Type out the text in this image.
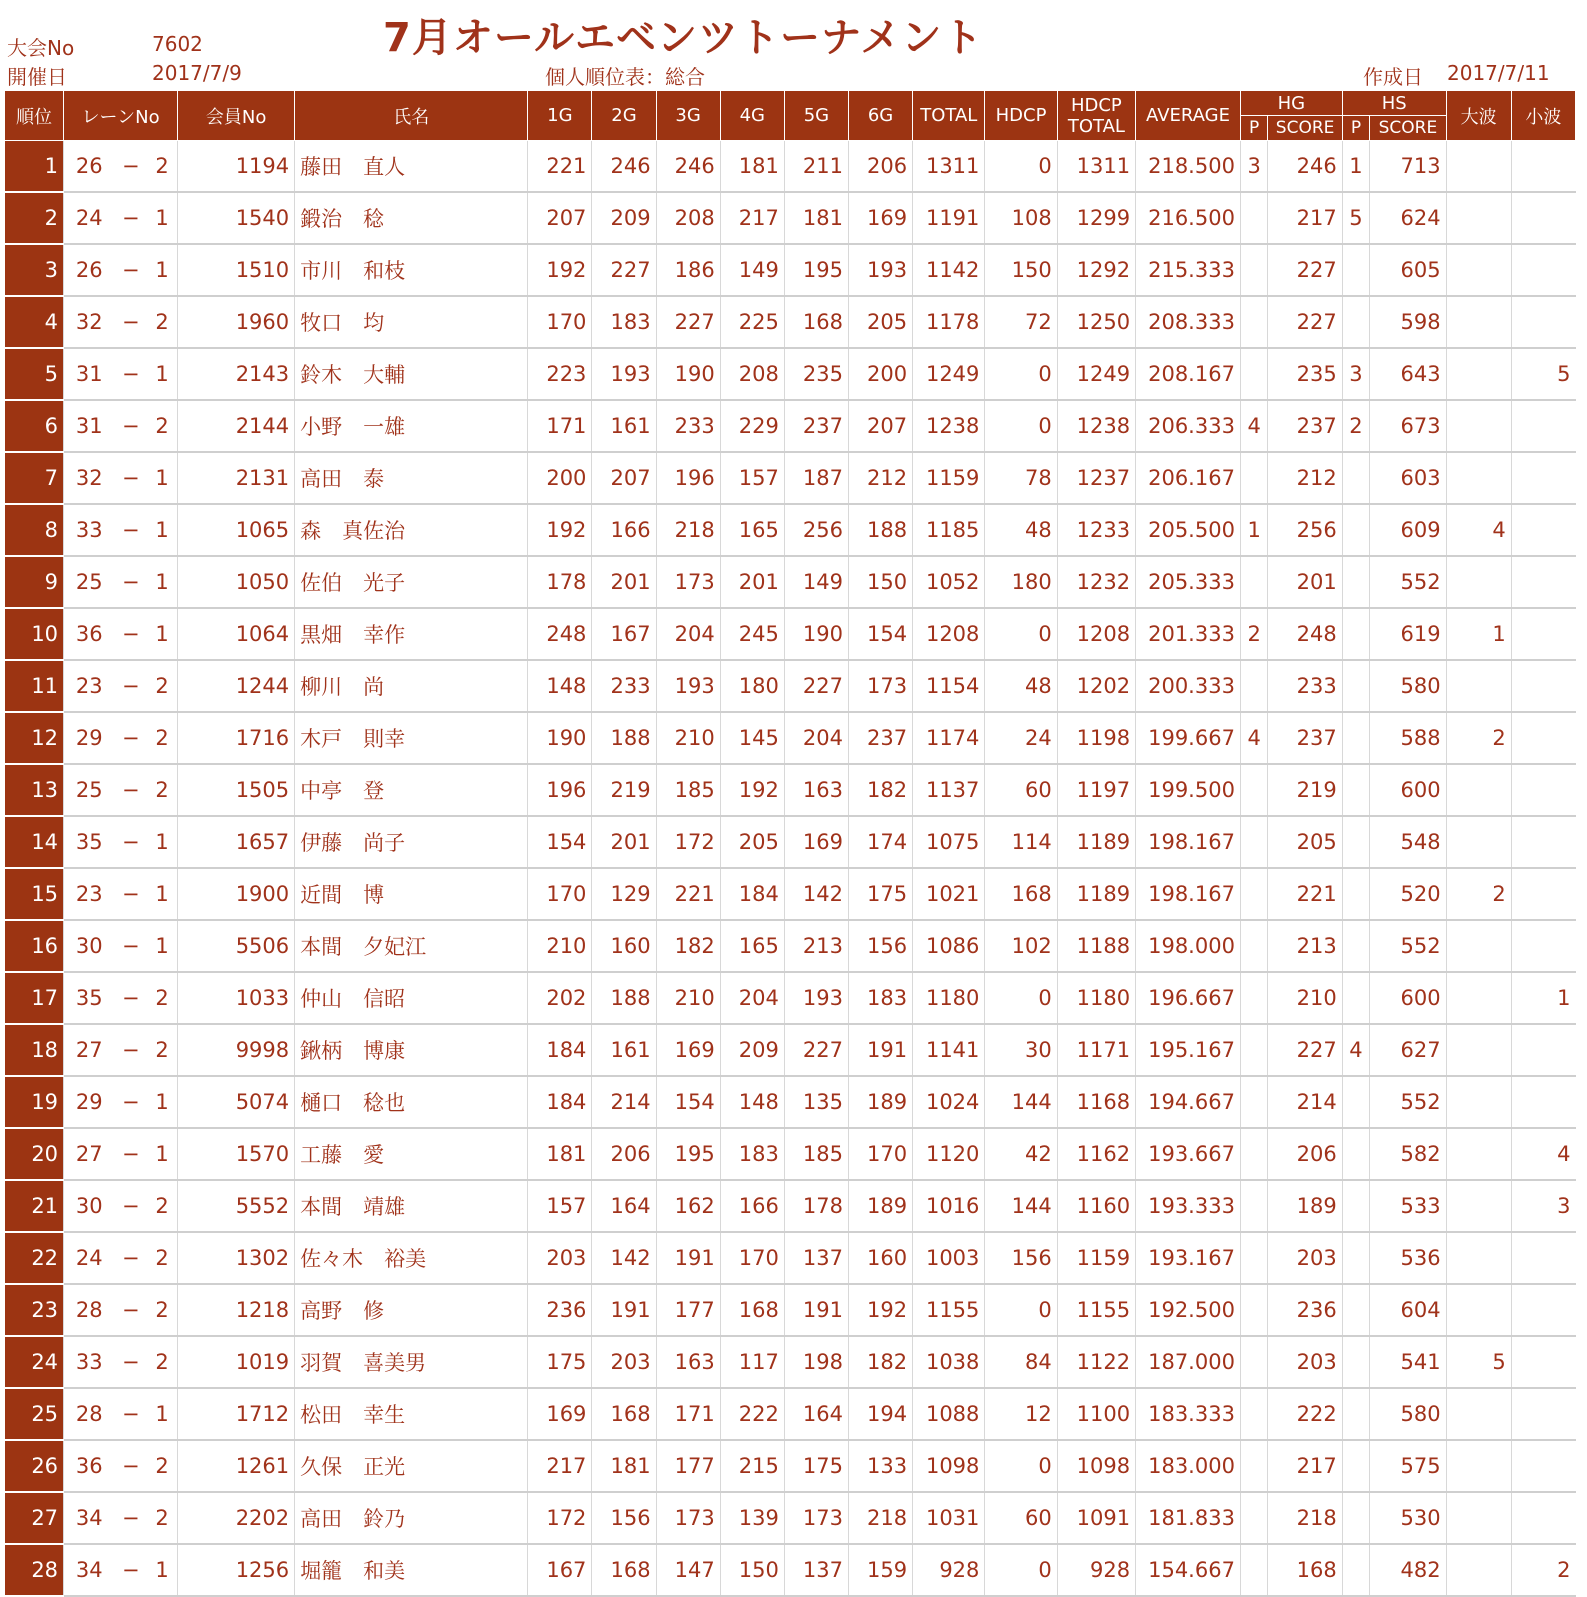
大会No	7602
開催日	2017/7/9
7月オールエベンツトーナメント
個人順位表：総合	作成日 2017/7/11
順位	レーンNo			会員No	氏名	1G	2G	3G	4G	5G	6G	TOTAL	HDCP	HDCP
TOTAL	AVERAGE	HG		HS		大波	小波
																P	SCORE	P	SCORE		
1	26	−	2	1194	藤田　直人	221	246	246	181	211	206	1311	0	1311	218.500	3	246	1	713		
2	24	−	1	1540	鍛治　稔	207	209	208	217	181	169	1191	108	1299	216.500		217	5	624		
3	26	−	1	1510	市川　和枝	192	227	186	149	195	193	1142	150	1292	215.333		227		605		
4	32	−	2	1960	牧口　均	170	183	227	225	168	205	1178	72	1250	208.333		227		598		
5	31	−	1	2143	鈴木　大輔	223	193	190	208	235	200	1249	0	1249	208.167		235	3	643		5
6	31	−	2	2144	小野　一雄	171	161	233	229	237	207	1238	0	1238	206.333	4	237	2	673		
7	32	−	1	2131	高田　泰	200	207	196	157	187	212	1159	78	1237	206.167		212		603		
8	33	−	1	1065	森　真佐治	192	166	218	165	256	188	1185	48	1233	205.500	1	256		609	4	
9	25	−	1	1050	佐伯　光子	178	201	173	201	149	150	1052	180	1232	205.333		201		552		
10	36	−	1	1064	黒畑　幸作	248	167	204	245	190	154	1208	0	1208	201.333	2	248		619	1	
11	23	−	2	1244	柳川　尚	148	233	193	180	227	173	1154	48	1202	200.333		233		580		
12	29	−	2	1716	木戸　則幸	190	188	210	145	204	237	1174	24	1198	199.667	4	237		588	2	
13	25	−	2	1505	中亭　登	196	219	185	192	163	182	1137	60	1197	199.500		219		600		
14	35	−	1	1657	伊藤　尚子	154	201	172	205	169	174	1075	114	1189	198.167		205		548		
15	23	−	1	1900	近間　博	170	129	221	184	142	175	1021	168	1189	198.167		221		520	2	
16	30	−	1	5506	本間　夕妃江	210	160	182	165	213	156	1086	102	1188	198.000		213		552		
17	35	−	2	1033	仲山　信昭	202	188	210	204	193	183	1180	0	1180	196.667		210		600		1
18	27	−	2	9998	鍬柄　博康	184	161	169	209	227	191	1141	30	1171	195.167		227	4	627		
19	29	−	1	5074	樋口　稔也	184	214	154	148	135	189	1024	144	1168	194.667		214		552		
20	27	−	1	1570	工藤　愛	181	206	195	183	185	170	1120	42	1162	193.667		206		582		4
21	30	−	2	5552	本間　靖雄	157	164	162	166	178	189	1016	144	1160	193.333		189		533		3
22	24	−	2	1302	佐々木　裕美	203	142	191	170	137	160	1003	156	1159	193.167		203		536		
23	28	−	2	1218	高野　修	236	191	177	168	191	192	1155	0	1155	192.500		236		604		
24	33	−	2	1019	羽賀　喜美男	175	203	163	117	198	182	1038	84	1122	187.000		203		541	5	
25	28	−	1	1712	松田　幸生	169	168	171	222	164	194	1088	12	1100	183.333		222		580		
26	36	−	2	1261	久保　正光	217	181	177	215	175	133	1098	0	1098	183.000		217		575		
27	34	−	2	2202	高田　鈴乃	172	156	173	139	173	218	1031	60	1091	181.833		218		530		
28	34	−	1	1256	堀籠　和美	167	168	147	150	137	159	928	0	928	154.667		168		482		2
